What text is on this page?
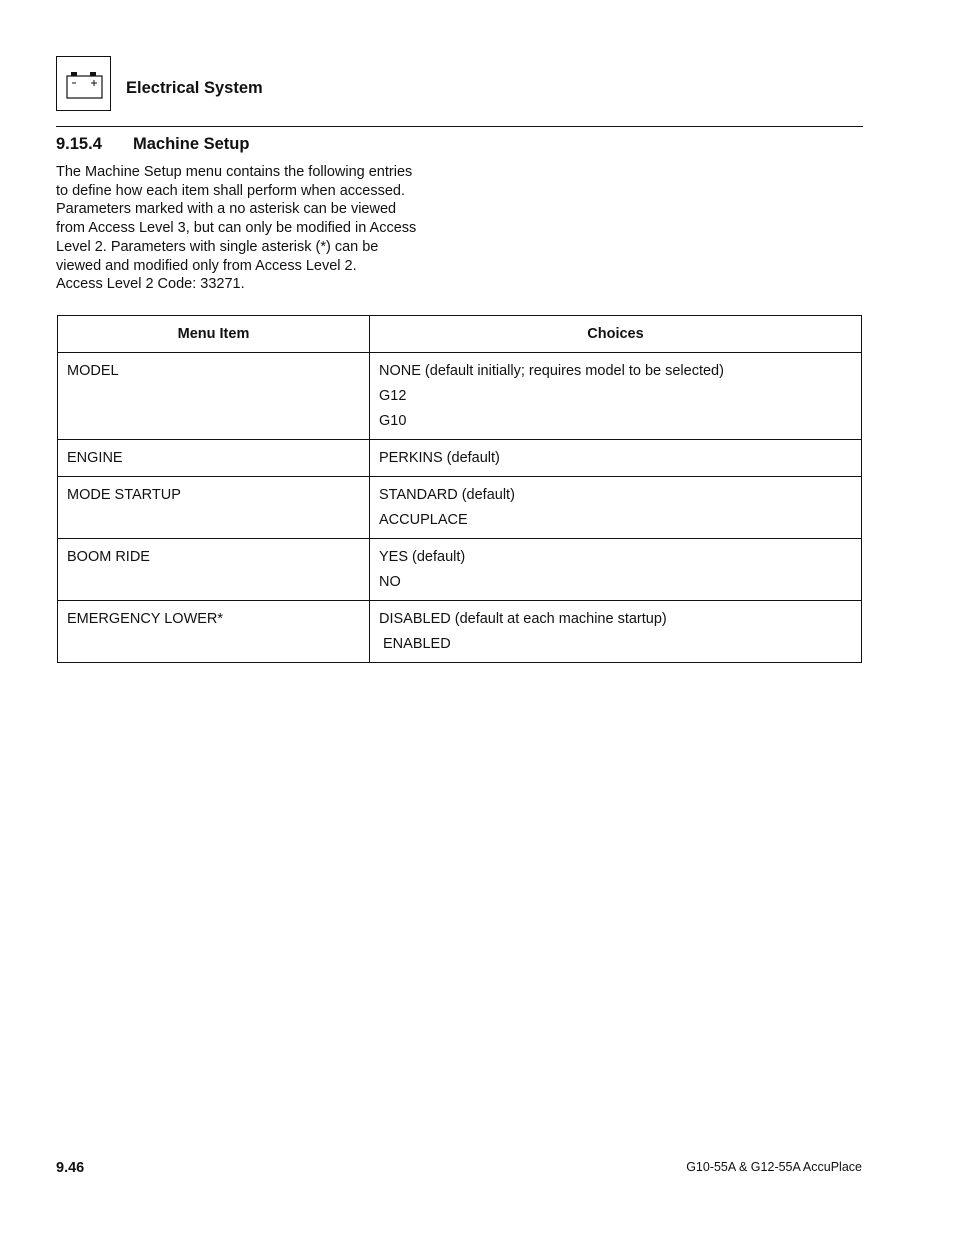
Electrical System
9.15.4 Machine Setup

The Machine Setup menu contains the following entries

to define how each item shall perform when accessed.

Parameters marked with a no asterisk can be viewed

from Access Level 3, but can only be modified in Access

Level 2. Parameters with single asterisk (*) can be

viewed and modified only from Access Level 2.

Access Level 2 Code: 33271.

Menu Item	Choices

MODEL	NONE (default initially; requires model to be selected)
G12
G10

ENGINE	PERKINS (default)

MODE STARTUP	STANDARD (default)
ACCUPLACE

BOOM RIDE	YES (default)
NO

EMERGENCY LOWER*	DISABLED (default at each machine startup)
ENABLED
9.46	G10-55A & G12-55A AccuPlace
